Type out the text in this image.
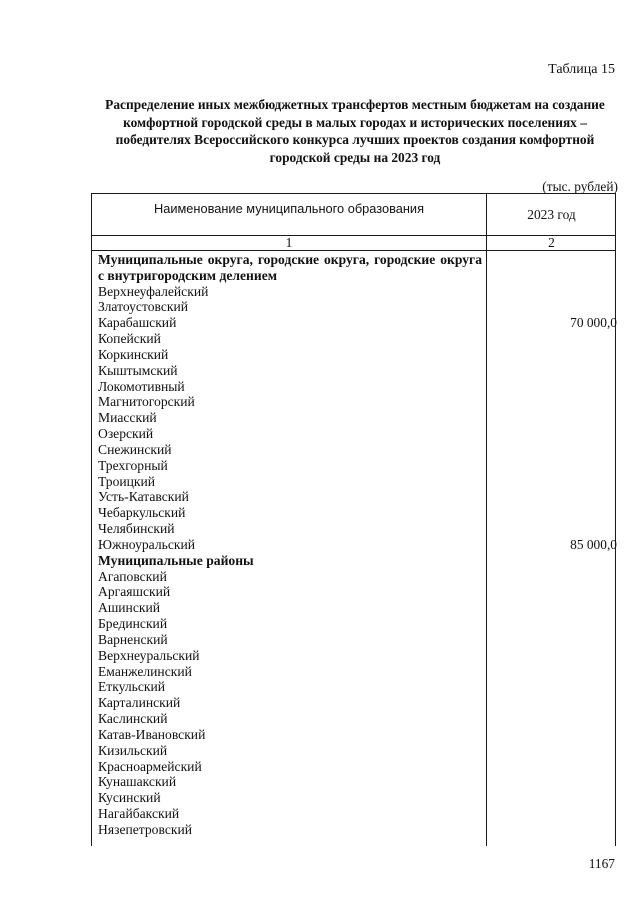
Таблица 15

Распределение иных межбюджетных трансфертов местным бюджетам на создание комфортной городской среды в малых городах и исторических поселениях – победителях Всероссийского конкурса лучших проектов создания комфортной городской среды на 2023 год

(тыс. рублей)
Наименование муниципального образования	2023 год
1	2
Муниципальные округа, городские округа, городские округа с внутригородским делением
Верхнеуфалейский
Златоустовский
Карабашский	70 000,0
Копейский
Коркинский
Кыштымский
Локомотивный
Магнитогорский
Миасский
Озерский
Снежинский
Трехгорный
Троицкий
Усть-Катавский
Чебаркульский
Челябинский
Южноуральский	85 000,0
Муниципальные районы
Агаповский
Аргаяшский
Ашинский
Брединский
Варненский
Верхнеуральский
Еманжелинский
Еткульский
Карталинский
Каслинский
Катав-Ивановский
Кизильский
Красноармейский
Кунашакский
Кусинский
Нагайбакский
Нязепетровский
1167
